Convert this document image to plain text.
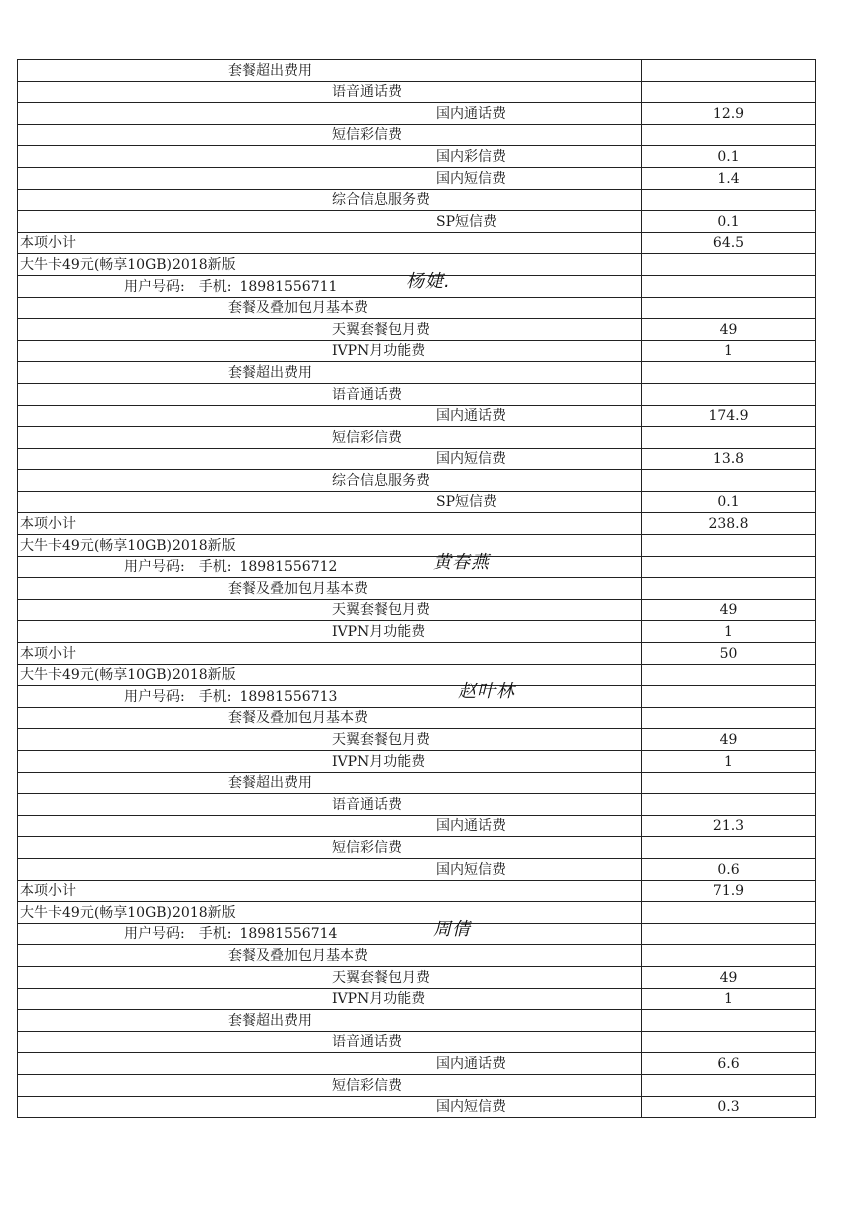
套餐超出费用	
语音通话费	
国内通话费	12.9
短信彩信费	
国内彩信费	0.1
国内短信费	1.4
综合信息服务费	
SP短信费	0.1
本项小计	64.5
大牛卡49元(畅享10GB)2018新版	
用户号码: 手机: 18981556711 杨婕.	

套餐及叠加包月基本费	
天翼套餐包月费	49
IVPN月功能费	1
套餐超出费用	
语音通话费	
国内通话费	174.9
短信彩信费	
国内短信费	13.8
综合信息服务费	
SP短信费	0.1
本项小计	238.8
大牛卡49元(畅享10GB)2018新版	
用户号码: 手机: 18981556712 黄春燕	

套餐及叠加包月基本费	
天翼套餐包月费	49
IVPN月功能费	1
本项小计	50
大牛卡49元(畅享10GB)2018新版	
用户号码: 手机: 18981556713 赵叶林	

套餐及叠加包月基本费	
天翼套餐包月费	49
IVPN月功能费	1
套餐超出费用	
语音通话费	
国内通话费	21.3
短信彩信费	
国内短信费	0.6
本项小计	71.9
大牛卡49元(畅享10GB)2018新版	
用户号码: 手机: 18981556714 周倩	

套餐及叠加包月基本费	
天翼套餐包月费	49
IVPN月功能费	1
套餐超出费用	
语音通话费	
国内通话费	6.6
短信彩信费	
国内短信费	0.3
